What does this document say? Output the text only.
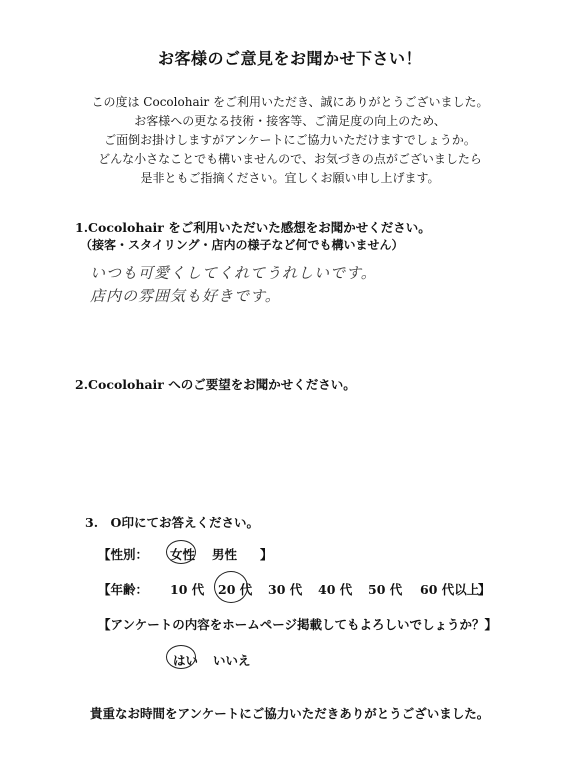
お客様のご意見をお聞かせ下さい！
この度は Cocolohair をご利用いただき、誠にありがとうございました。
お客様への更なる技術・接客等、ご満足度の向上のため、
ご面倒お掛けしますがアンケートにご協力いただけますでしょうか。
どんな小さなことでも構いませんので、お気づきの点がございましたら
是非ともご指摘ください。宜しくお願い申し上げます。
1.Cocolohair をご利用いただいた感想をお聞かせください。
（接客・スタイリング・店内の様子など何でも構いません）
いつも可愛くしてくれてうれしいです。
店内の雰囲気も好きです。
2.Cocolohair へのご要望をお聞かせください。
3.　O印にてお答えください。
【性別： 女性 男性 】
【年齢： 10 代 20 代 30 代 40 代 50 代 60 代以上
】
【アンケートの内容をホームページ掲載してもよろしいでしょうか？】
はい いいえ
貴重なお時間をアンケートにご協力いただきありがとうございました。
